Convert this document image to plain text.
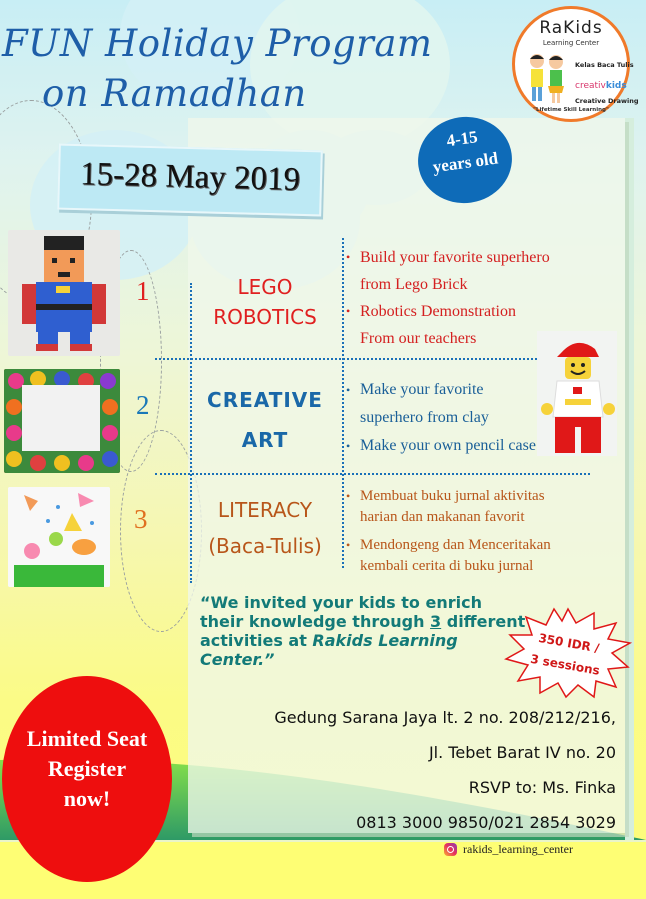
FUN Holiday Program
on Ramadhan
RaKids
Learning Center
Kelas Baca Tulis
creativkids
Creative Drawing
"Lifetime Skill Learning"
15-28 May 2019
4-15
years old
1
2
3
LEGO
ROBOTICS
CREATIVE
ART
LITERACY
(Baca-Tulis)
• Build your favorite superhero
from Lego Brick
• Robotics Demonstration
From our teachers
• Make your favorite
superhero from clay
• Make your own pencil case
• Membuat buku jurnal aktivitas harian dan makanan favorit
• Mendongeng dan Menceritakan kembali cerita di buku jurnal
“We invited your kids to enrich their knowledge through 3 different activities at Rakids Learning Center.”
350 IDR /
3 sessions
Limited Seat
Register
now!
Gedung Sarana Jaya lt. 2 no. 208/212/216,
Jl. Tebet Barat IV no. 20
RSVP to: Ms. Finka
0813 3000 9850/021 2854 3029
rakids_learning_center
